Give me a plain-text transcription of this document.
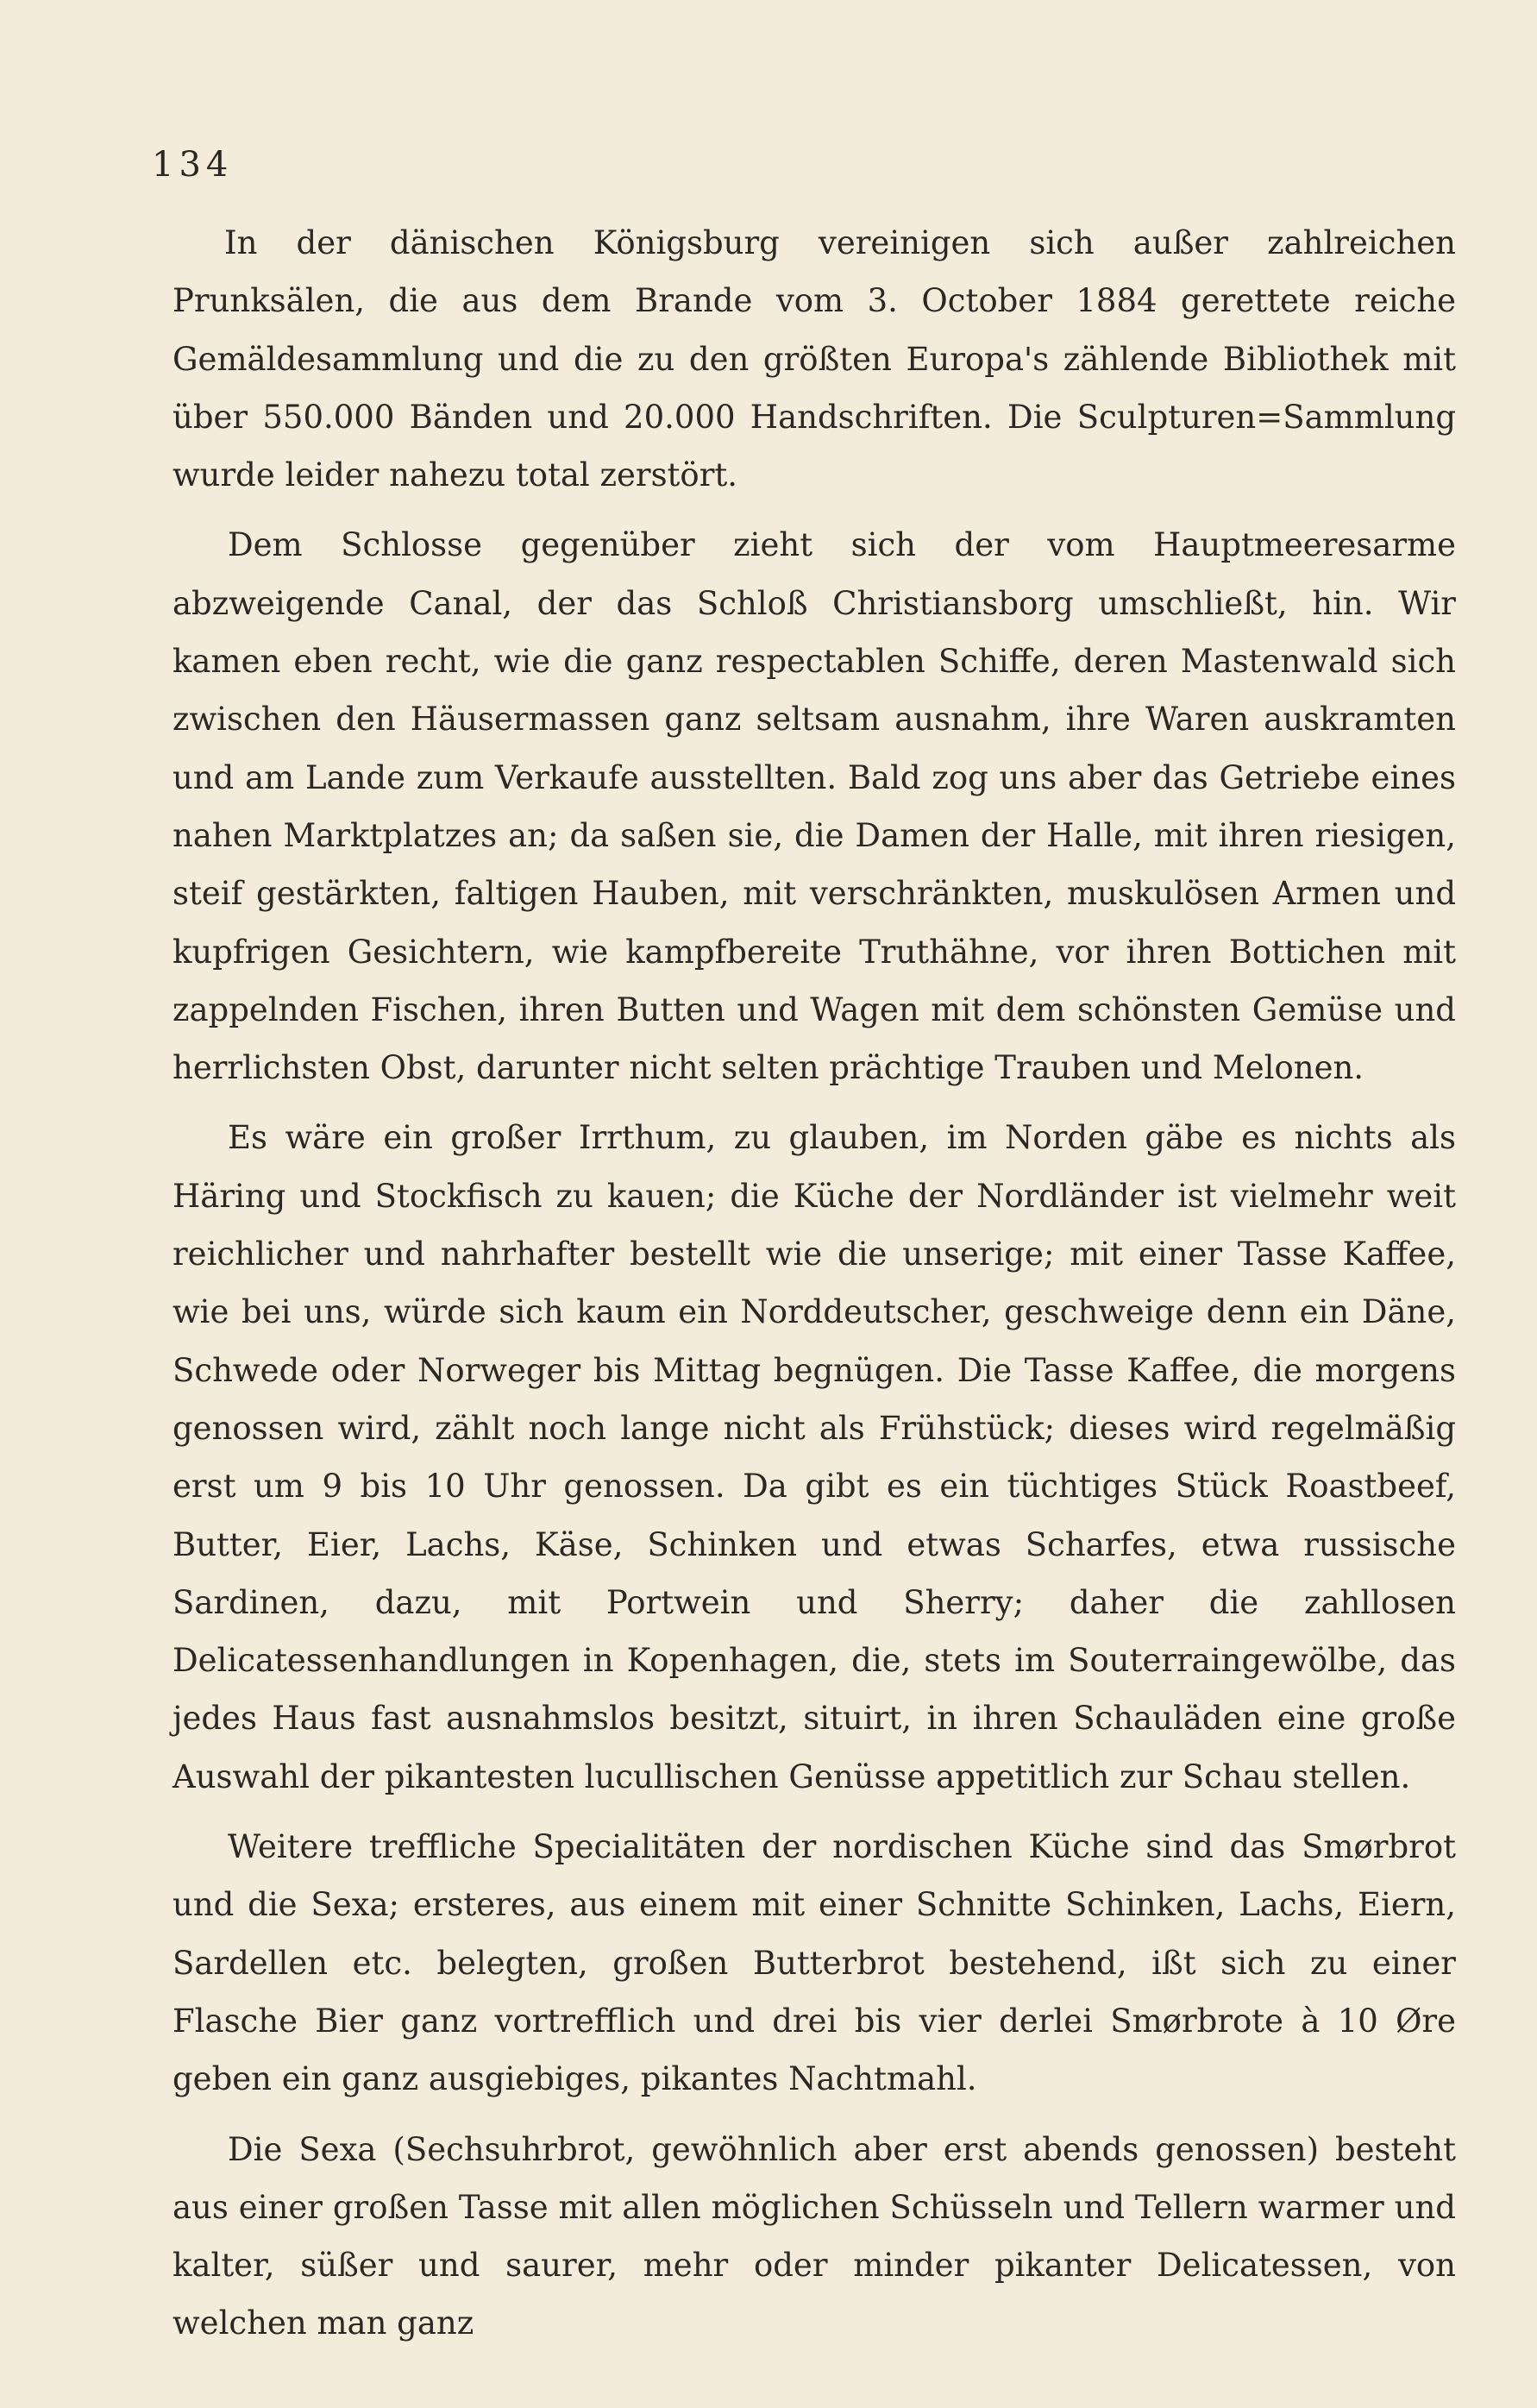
134

In der dänischen Königsburg vereinigen sich außer zahlreichen Prunksälen, die aus dem Brande vom 3. October 1884 gerettete reiche Gemäldesammlung und die zu den größten Europa's zählende Bibliothek mit über 550.000 Bänden und 20.000 Handschriften. Die Sculpturen=Sammlung wurde leider nahezu total zerstört.

Dem Schlosse gegenüber zieht sich der vom Hauptmeeresarme abzweigende Canal, der das Schloß Christiansborg umschließt, hin. Wir kamen eben recht, wie die ganz respectablen Schiffe, deren Mastenwald sich zwischen den Häusermassen ganz seltsam ausnahm, ihre Waren auskramten und am Lande zum Verkaufe ausstellten. Bald zog uns aber das Getriebe eines nahen Marktplatzes an; da saßen sie, die Damen der Halle, mit ihren riesigen, steif gestärkten, faltigen Hauben, mit verschränkten, muskulösen Armen und kupfrigen Gesichtern, wie kampfbereite Truthähne, vor ihren Bottichen mit zappelnden Fischen, ihren Butten und Wagen mit dem schönsten Gemüse und herrlichsten Obst, darunter nicht selten prächtige Trauben und Melonen.

Es wäre ein großer Irrthum, zu glauben, im Norden gäbe es nichts als Häring und Stockfisch zu kauen; die Küche der Nordländer ist vielmehr weit reichlicher und nahrhafter bestellt wie die unserige; mit einer Tasse Kaffee, wie bei uns, würde sich kaum ein Norddeutscher, geschweige denn ein Däne, Schwede oder Norweger bis Mittag begnügen. Die Tasse Kaffee, die morgens genossen wird, zählt noch lange nicht als Frühstück; dieses wird regelmäßig erst um 9 bis 10 Uhr genossen. Da gibt es ein tüchtiges Stück Roastbeef, Butter, Eier, Lachs, Käse, Schinken und etwas Scharfes, etwa russische Sardinen, dazu, mit Portwein und Sherry; daher die zahllosen Delicatessenhandlungen in Kopenhagen, die, stets im Souterraingewölbe, das jedes Haus fast ausnahmslos besitzt, situirt, in ihren Schauläden eine große Auswahl der pikantesten lucullischen Genüsse appetitlich zur Schau stellen.

Weitere treffliche Specialitäten der nordischen Küche sind das Smørbrot und die Sexa; ersteres, aus einem mit einer Schnitte Schinken, Lachs, Eiern, Sardellen etc. belegten, großen Butterbrot bestehend, ißt sich zu einer Flasche Bier ganz vortrefflich und drei bis vier derlei Smørbrote à 10 Øre geben ein ganz ausgiebiges, pikantes Nachtmahl.

Die Sexa (Sechsuhrbrot, gewöhnlich aber erst abends genossen) besteht aus einer großen Tasse mit allen möglichen Schüsseln und Tellern warmer und kalter, süßer und saurer, mehr oder minder pikanter Delicatessen, von welchen man ganz
